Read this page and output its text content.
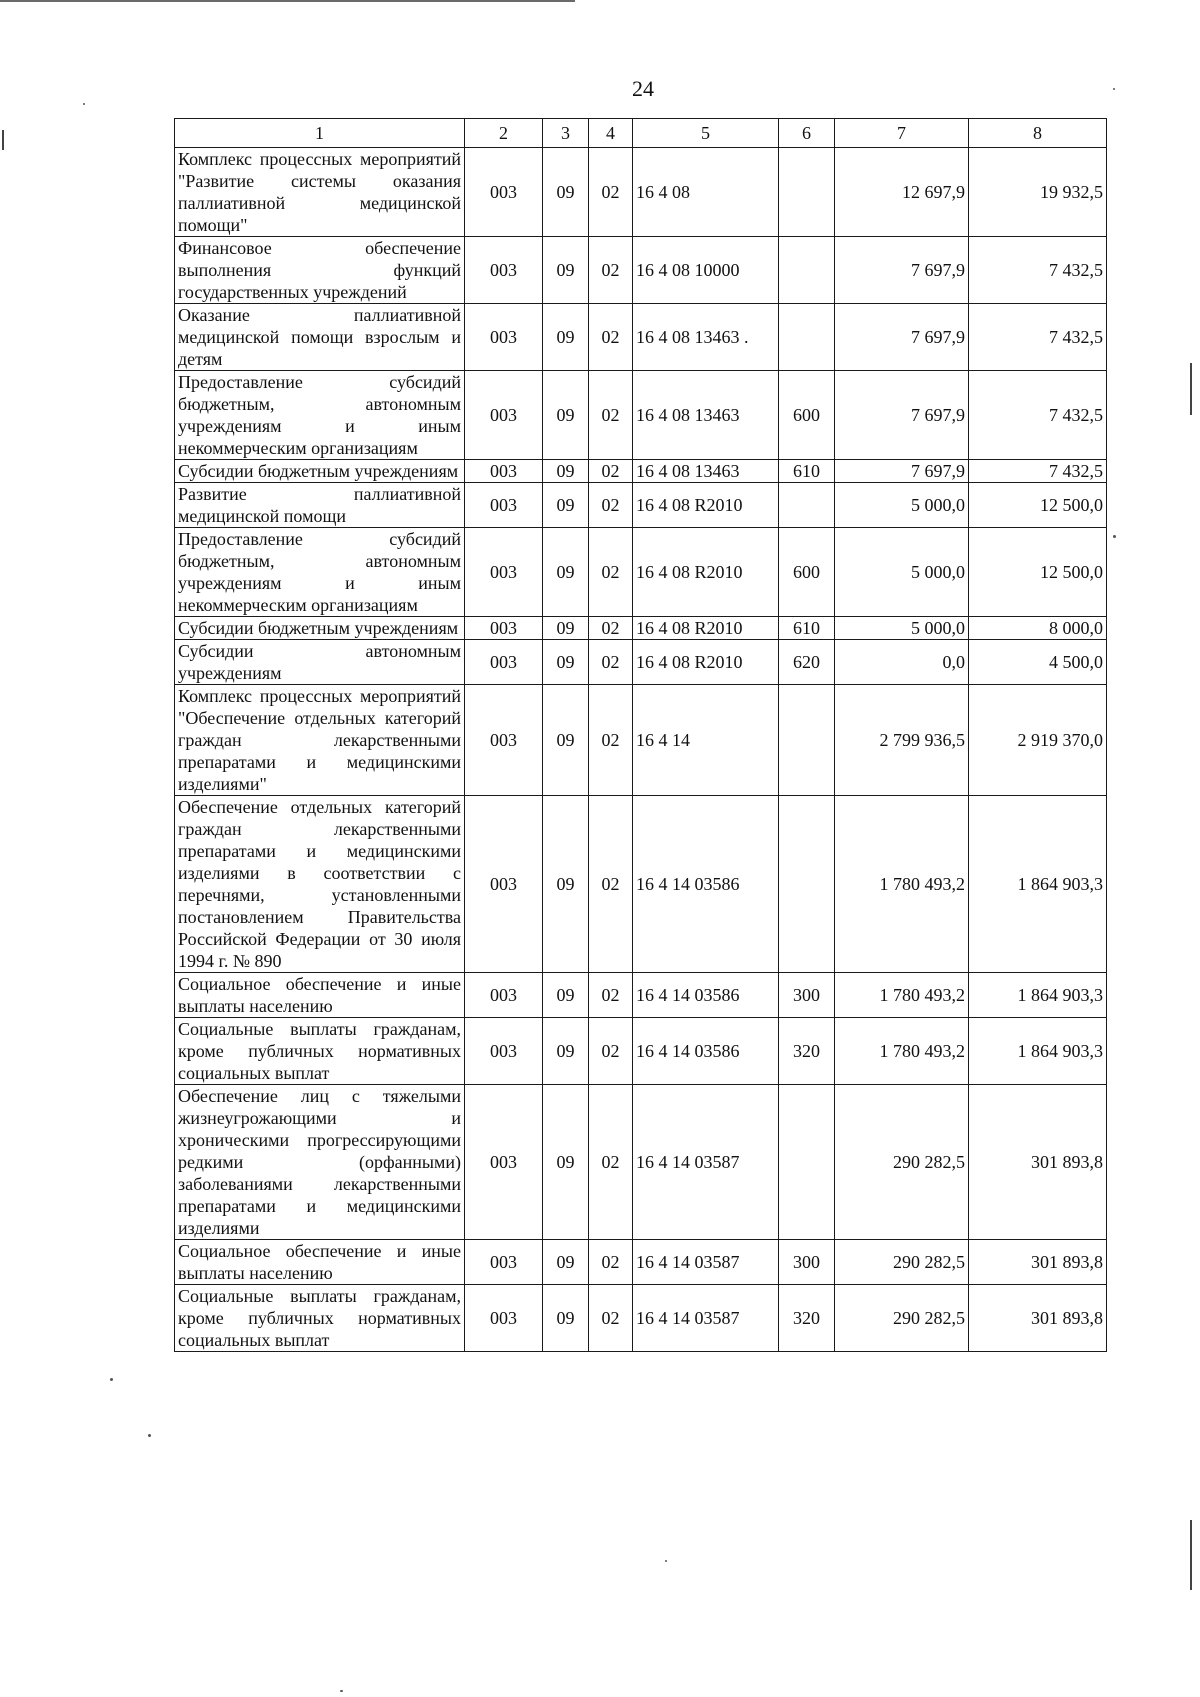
24
1	2	3	4	5	6	7	8
Комплекс процессных мероприятий "Развитие системы оказания паллиативной медицинской помощи"	003	09	02	16 4 08		12 697,9	19 932,5
Финансовое обеспечение выполнения функций государственных учреждений	003	09	02	16 4 08 10000		7 697,9	7 432,5
Оказание паллиативной медицинской помощи взрослым и детям	003	09	02	16 4 08 13463 .		7 697,9	7 432,5
Предоставление субсидий бюджетным, автономным учреждениям и иным некоммерческим организациям	003	09	02	16 4 08 13463	600	7 697,9	7 432,5
Субсидии бюджетным учреждениям	003	09	02	16 4 08 13463	610	7 697,9	7 432,5
Развитие паллиативной медицинской помощи	003	09	02	16 4 08 R2010		5 000,0	12 500,0
Предоставление субсидий бюджетным, автономным учреждениям и иным некоммерческим организациям	003	09	02	16 4 08 R2010	600	5 000,0	12 500,0
Субсидии бюджетным учреждениям	003	09	02	16 4 08 R2010	610	5 000,0	8 000,0
Субсидии автономным учреждениям	003	09	02	16 4 08 R2010	620	0,0	4 500,0
Комплекс процессных мероприятий "Обеспечение отдельных категорий граждан лекарственными препаратами и медицинскими изделиями"	003	09	02	16 4 14		2 799 936,5	2 919 370,0
Обеспечение отдельных категорий граждан лекарственными препаратами и медицинскими изделиями в соответствии с перечнями, установленными постановлением Правительства Российской Федерации от 30 июля 1994 г. № 890	003	09	02	16 4 14 03586		1 780 493,2	1 864 903,3
Социальное обеспечение и иные выплаты населению	003	09	02	16 4 14 03586	300	1 780 493,2	1 864 903,3
Социальные выплаты гражданам, кроме публичных нормативных социальных выплат	003	09	02	16 4 14 03586	320	1 780 493,2	1 864 903,3
Обеспечение лиц с тяжелыми жизнеугрожающими и хроническими прогрессирующими редкими (орфанными) заболеваниями лекарственными препаратами и медицинскими изделиями	003	09	02	16 4 14 03587		290 282,5	301 893,8
Социальное обеспечение и иные выплаты населению	003	09	02	16 4 14 03587	300	290 282,5	301 893,8
Социальные выплаты гражданам, кроме публичных нормативных социальных выплат	003	09	02	16 4 14 03587	320	290 282,5	301 893,8
